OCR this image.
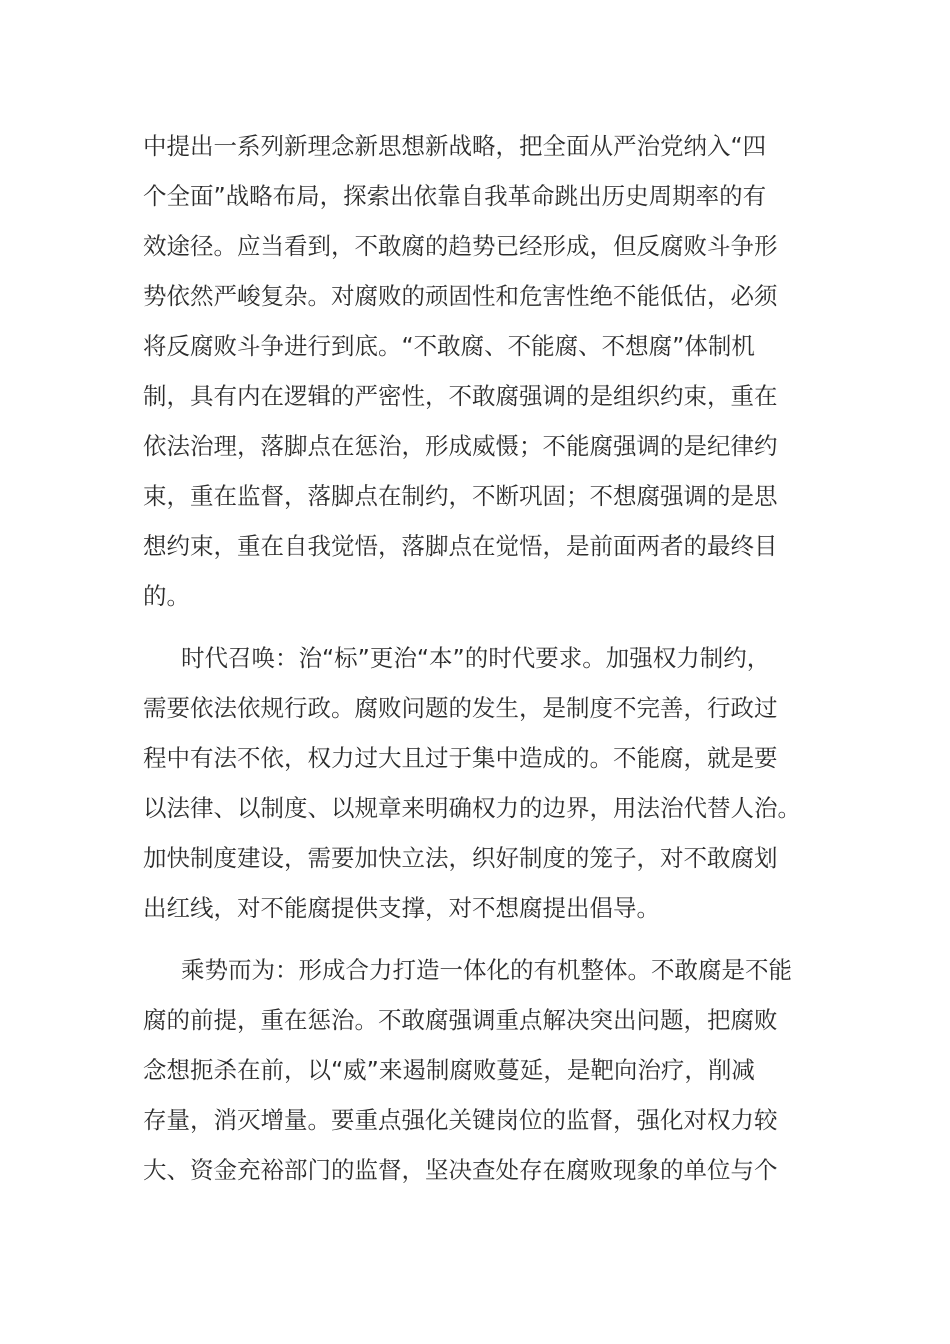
中提出一系列新理念新思想新战略，把全面从严治党纳入“四
个全面”战略布局，探索出依靠自我革命跳出历史周期率的有
效途径。应当看到，不敢腐的趋势已经形成，但反腐败斗争形
势依然严峻复杂。对腐败的顽固性和危害性绝不能低估，必须
将反腐败斗争进行到底。“不敢腐、不能腐、不想腐”体制机
制，具有内在逻辑的严密性，不敢腐强调的是组织约束，重在
依法治理，落脚点在惩治，形成威慑；不能腐强调的是纪律约
束，重在监督，落脚点在制约，不断巩固；不想腐强调的是思
想约束，重在自我觉悟，落脚点在觉悟，是前面两者的最终目
的。
时代召唤：治“标”更治“本”的时代要求。加强权力制约，
需要依法依规行政。腐败问题的发生，是制度不完善，行政过
程中有法不依，权力过大且过于集中造成的。不能腐，就是要
以法律、以制度、以规章来明确权力的边界，用法治代替人治。
加快制度建设，需要加快立法，织好制度的笼子，对不敢腐划
出红线，对不能腐提供支撑，对不想腐提出倡导。
乘势而为：形成合力打造一体化的有机整体。不敢腐是不能
腐的前提，重在惩治。不敢腐强调重点解决突出问题，把腐败
念想扼杀在前，以“威”来遏制腐败蔓延，是靶向治疗，削减
存量，消灭增量。要重点强化关键岗位的监督，强化对权力较
大、资金充裕部门的监督，坚决查处存在腐败现象的单位与个
